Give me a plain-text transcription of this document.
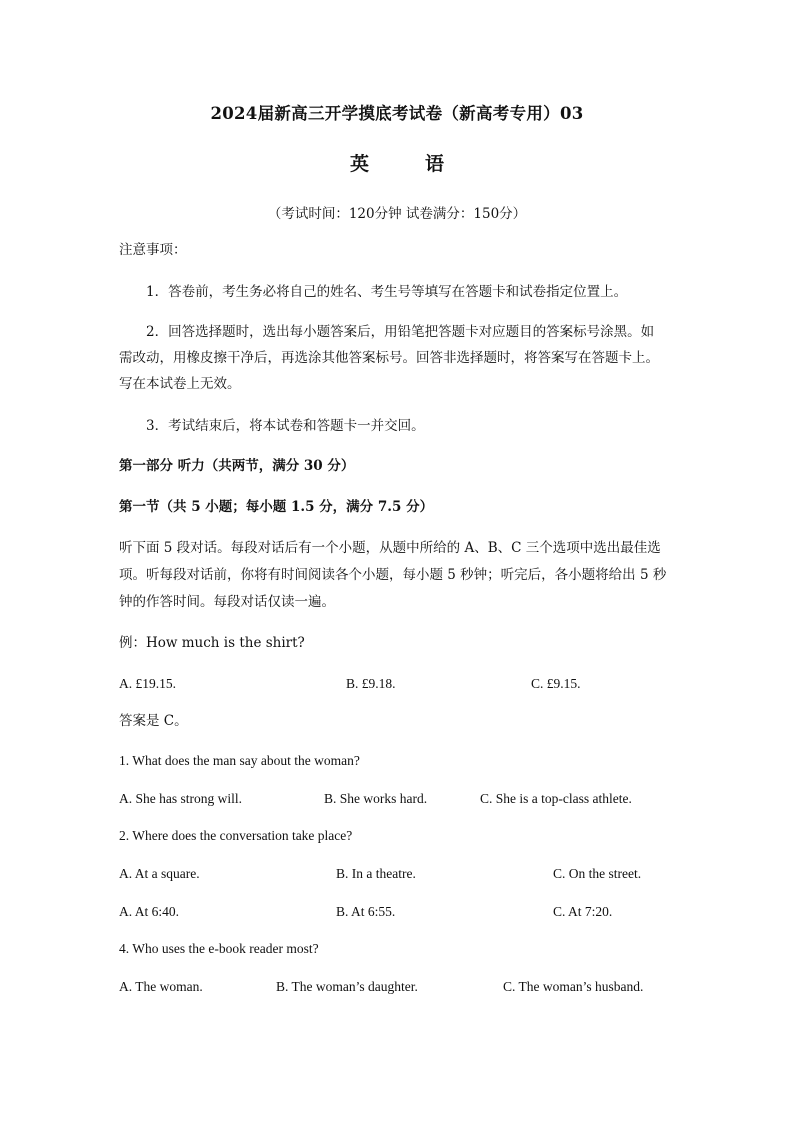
2024届新高三开学摸底考试卷（新高考专用）03
英	语
（考试时间：120分钟 试卷满分：150分）
注意事项：
1．答卷前，考生务必将自己的姓名、考生号等填写在答题卡和试卷指定位置上。
2．回答选择题时，选出每小题答案后，用铅笔把答题卡对应题目的答案标号涂黑。如
需改动，用橡皮擦干净后，再选涂其他答案标号。回答非选择题时，将答案写在答题卡上。
写在本试卷上无效。
3．考试结束后，将本试卷和答题卡一并交回。
第一部分 听力（共两节，满分 30 分）
第一节（共 5 小题；每小题 1.5 分，满分 7.5 分）
听下面 5 段对话。每段对话后有一个小题，从题中所给的 A、B、C 三个选项中选出最佳选
项。听每段对话前，你将有时间阅读各个小题，每小题 5 秒钟；听完后，各小题将给出 5 秒
钟的作答时间。每段对话仅读一遍。
例：How much is the shirt?
A. £19.15.	B. £9.18.	C. £9.15.
答案是 C。
1. What does the man say about the woman?
A. She has strong will.	B. She works hard.	C. She is a top-class athlete.
2. Where does the conversation take place?
A. At a square.	B. In a theatre.	C. On the street.
A. At 6:40.	B. At 6:55.	C. At 7:20.
4. Who uses the e-book reader most?
A. The woman.	B. The woman’s daughter.	C. The woman’s husband.
